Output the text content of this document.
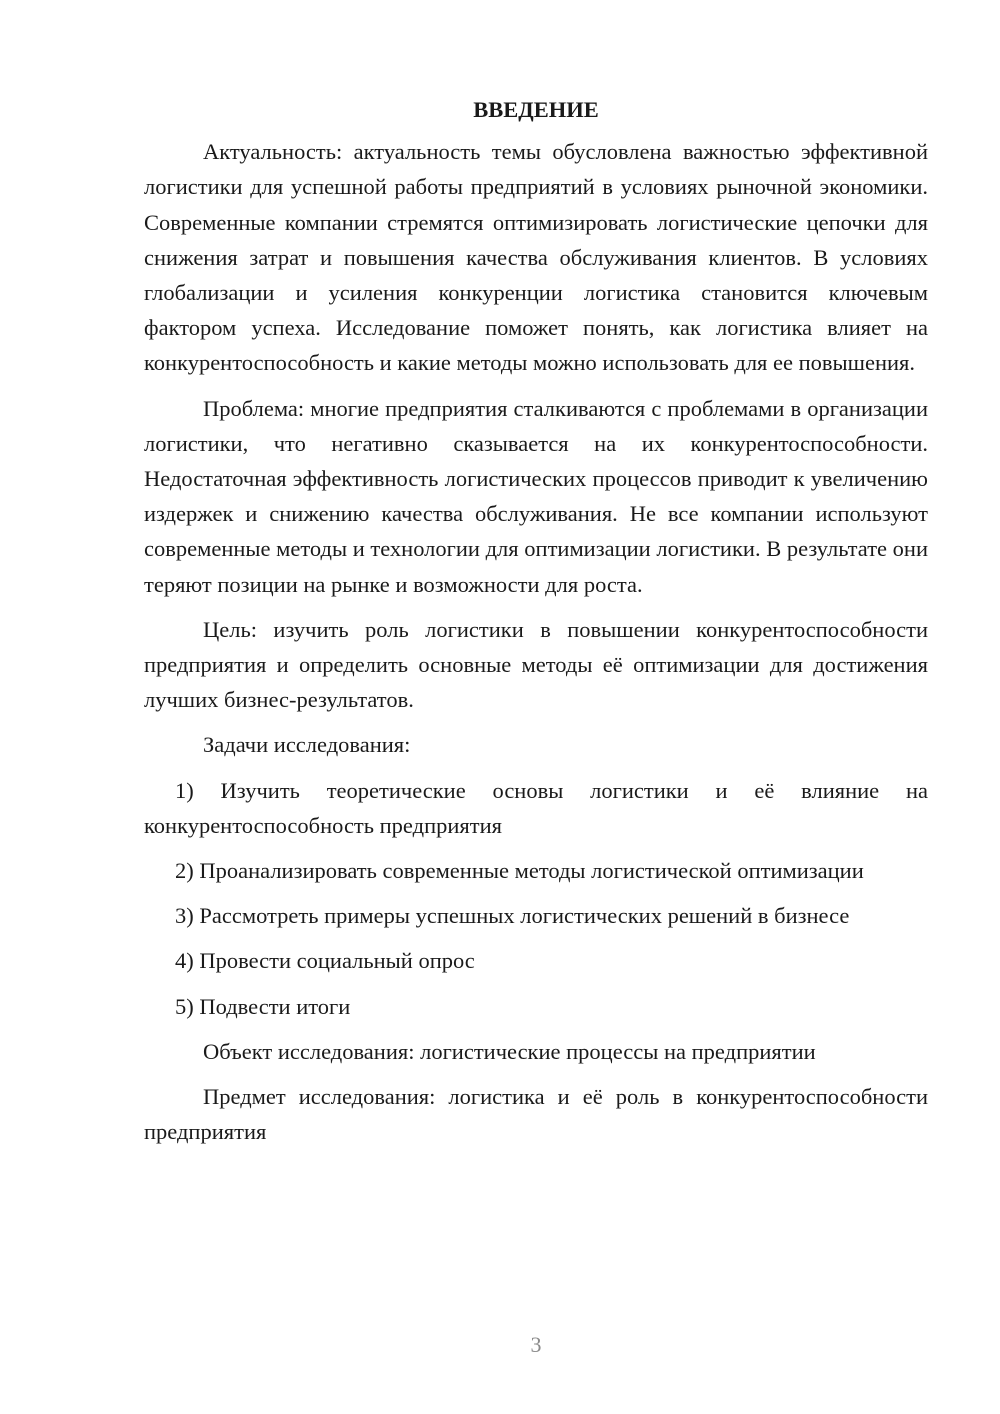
ВВЕДЕНИЕ

Актуальность: актуальность темы обусловлена важностью эффективной логистики для успешной работы предприятий в условиях рыночной экономики. Современные компании стремятся оптимизировать логистические цепочки для снижения затрат и повышения качества обслуживания клиентов. В условиях глобализации и усиления конкуренции логистика становится ключевым фактором успеха. Исследование поможет понять, как логистика влияет на конкурентоспособность и какие методы можно использовать для ее повышения.

Проблема: многие предприятия сталкиваются с проблемами в организации логистики, что негативно сказывается на их конкурентоспособности. Недостаточная эффективность логистических процессов приводит к увеличению издержек и снижению качества обслуживания. Не все компании используют современные методы и технологии для оптимизации логистики. В результате они теряют позиции на рынке и возможности для роста.

Цель: изучить роль логистики в повышении конкурентоспособности предприятия и определить основные методы её оптимизации для достижения лучших бизнес-результатов.

Задачи исследования:

1) Изучить теоретические основы логистики и её влияние на конкурентоспособность предприятия

2) Проанализировать современные методы логистической оптимизации

3) Рассмотреть примеры успешных логистических решений в бизнесе

4) Провести социальный опрос

5) Подвести итоги

Объект исследования: логистические процессы на предприятии

Предмет исследования: логистика и её роль в конкурентоспособности предприятия

3
